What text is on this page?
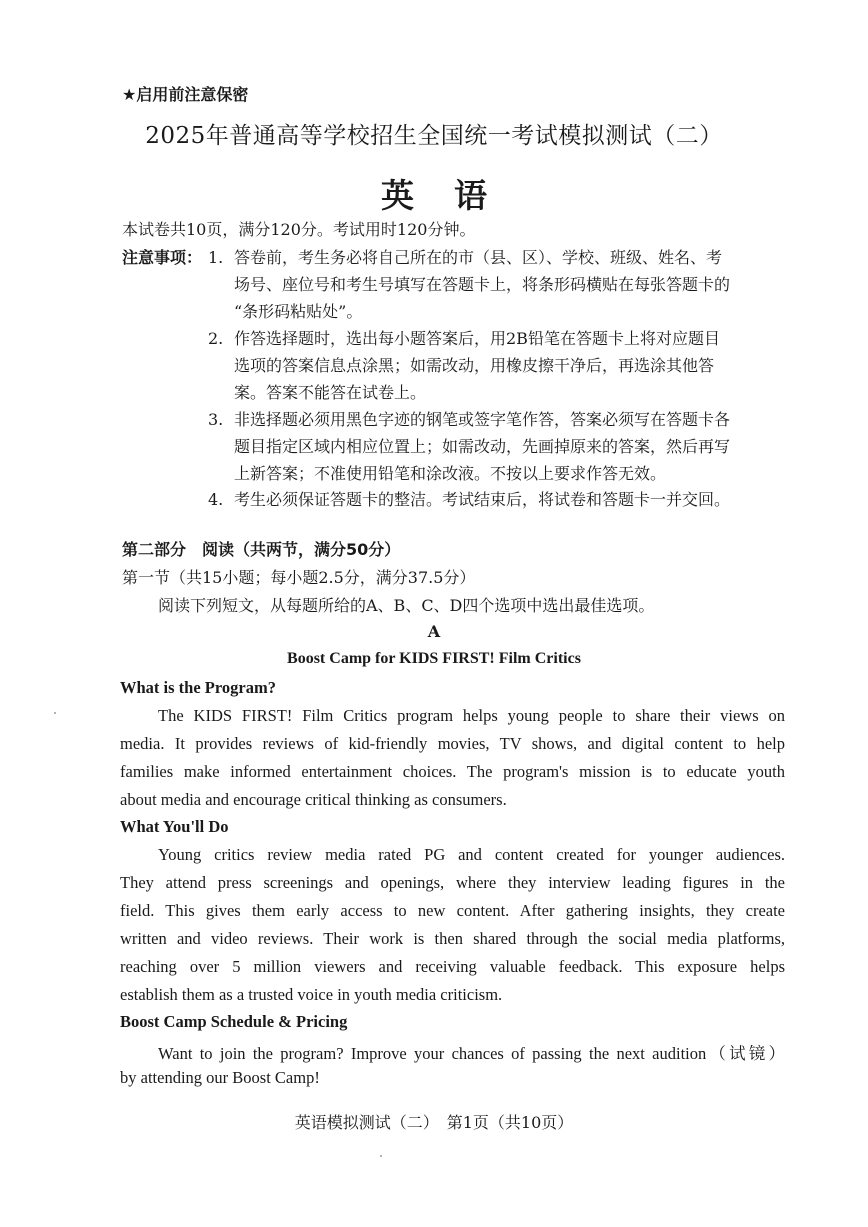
★启用前注意保密
2025年普通高等学校招生全国统一考试模拟测试（二）
英语
本试卷共10页，满分120分。考试用时120分钟。
注意事项： 1. 答卷前，考生务必将自己所在的市（县、区）、学校、班级、姓名、考
场号、座位号和考生号填写在答题卡上，将条形码横贴在每张答题卡的
“条形码粘贴处”。
2. 作答选择题时，选出每小题答案后，用2B铅笔在答题卡上将对应题目
选项的答案信息点涂黑；如需改动，用橡皮擦干净后，再选涂其他答
案。答案不能答在试卷上。
3. 非选择题必须用黑色字迹的钢笔或签字笔作答，答案必须写在答题卡各
题目指定区域内相应位置上；如需改动，先画掉原来的答案，然后再写
上新答案；不准使用铅笔和涂改液。不按以上要求作答无效。
4. 考生必须保证答题卡的整洁。考试结束后，将试卷和答题卡一并交回。
第二部分　阅读（共两节，满分50分）
第一节（共15小题；每小题2.5分，满分37.5分）
阅读下列短文，从每题所给的A、B、C、D四个选项中选出最佳选项。
A
Boost Camp for KIDS FIRST! Film Critics
What is the Program?
The KIDS FIRST! Film Critics program helps young people to share their views on
media. It provides reviews of kid-friendly movies, TV shows, and digital content to help
families make informed entertainment choices. The program's mission is to educate youth
about media and encourage critical thinking as consumers.
What You'll Do
Young critics review media rated PG and content created for younger audiences.
They attend press screenings and openings, where they interview leading figures in the
field. This gives them early access to new content. After gathering insights, they create
written and video reviews. Their work is then shared through the social media platforms,
reaching over 5 million viewers and receiving valuable feedback. This exposure helps
establish them as a trusted voice in youth media criticism.
Boost Camp Schedule & Pricing
Want to join the program? Improve your chances of passing the next audition（试镜）
by attending our Boost Camp!
英语模拟测试（二）　第1页（共10页）
